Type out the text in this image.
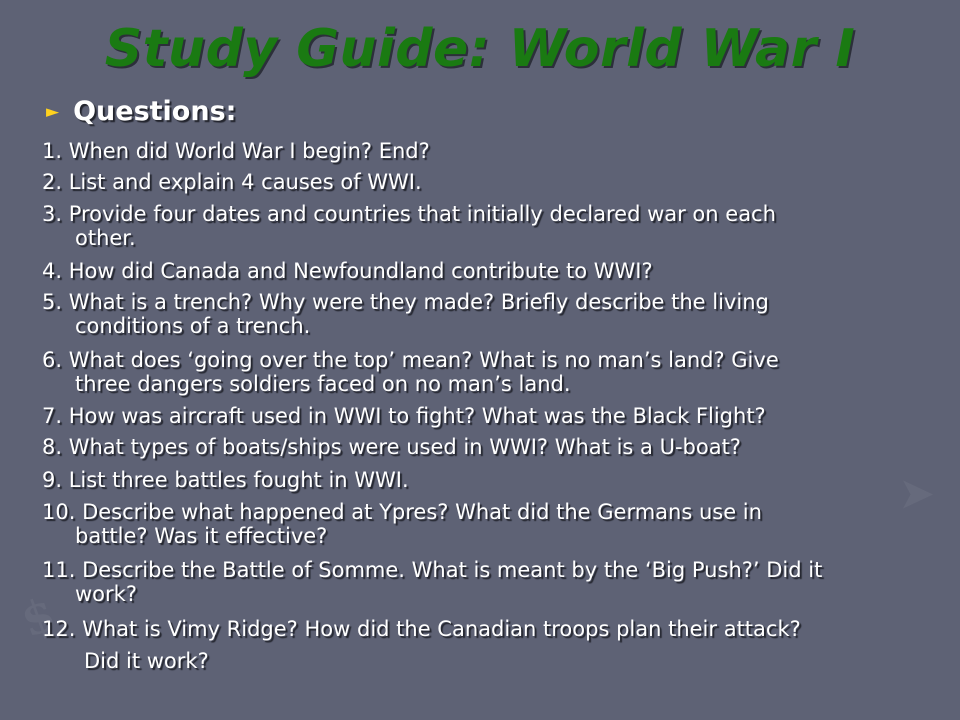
$
➤
Study Guide: World War I
► Questions:
1. When did World War I begin? End?
2. List and explain 4 causes of WWI.
3. Provide four dates and countries that initially declared war on each
other.
4. How did Canada and Newfoundland contribute to WWI?
5. What is a trench? Why were they made? Briefly describe the living
conditions of a trench.
6. What does ‘going over the top’ mean? What is no man’s land? Give
three dangers soldiers faced on no man’s land.
7. How was aircraft used in WWI to fight? What was the Black Flight?
8. What types of boats/ships were used in WWI? What is a U-boat?
9. List three battles fought in WWI.
10. Describe what happened at Ypres? What did the Germans use in
battle? Was it effective?
11. Describe the Battle of Somme. What is meant by the ‘Big Push?’ Did it
work?
12. What is Vimy Ridge? How did the Canadian troops plan their attack?
Did it work?
